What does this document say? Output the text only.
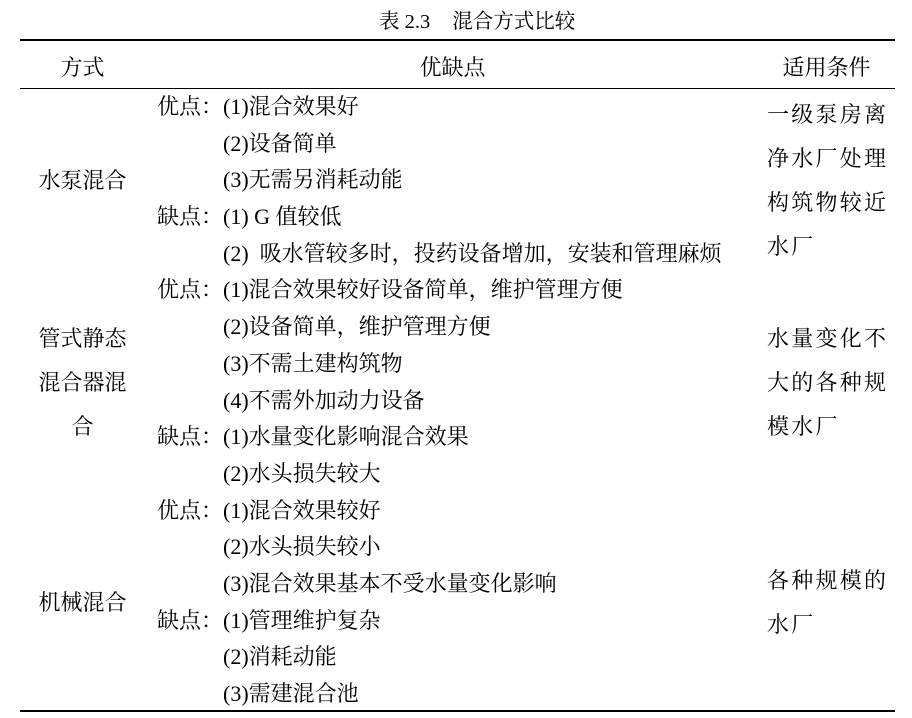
表 2.3 混合方式比较
方式	优缺点	适用条件
水泵混合
优点： (1)混合效果好
(2)设备简单
(3)无需另消耗动能
缺点： (1) G 值较低
(2)  吸水管较多时，投药设备增加，安装和管理麻烦
一级泵房离净水厂处理构筑物较近水厂
管式静态混合器混合
优点： (1)混合效果较好设备简单，维护管理方便
(2)设备简单，维护管理方便
(3)不需土建构筑物
(4)不需外加动力设备
缺点： (1)水量变化影响混合效果
(2)水头损失较大
水量变化不大的各种规模水厂
机械混合
优点： (1)混合效果较好
(2)水头损失较小
(3)混合效果基本不受水量变化影响
缺点： (1)管理维护复杂
(2)消耗动能
(3)需建混合池
各种规模的水厂
